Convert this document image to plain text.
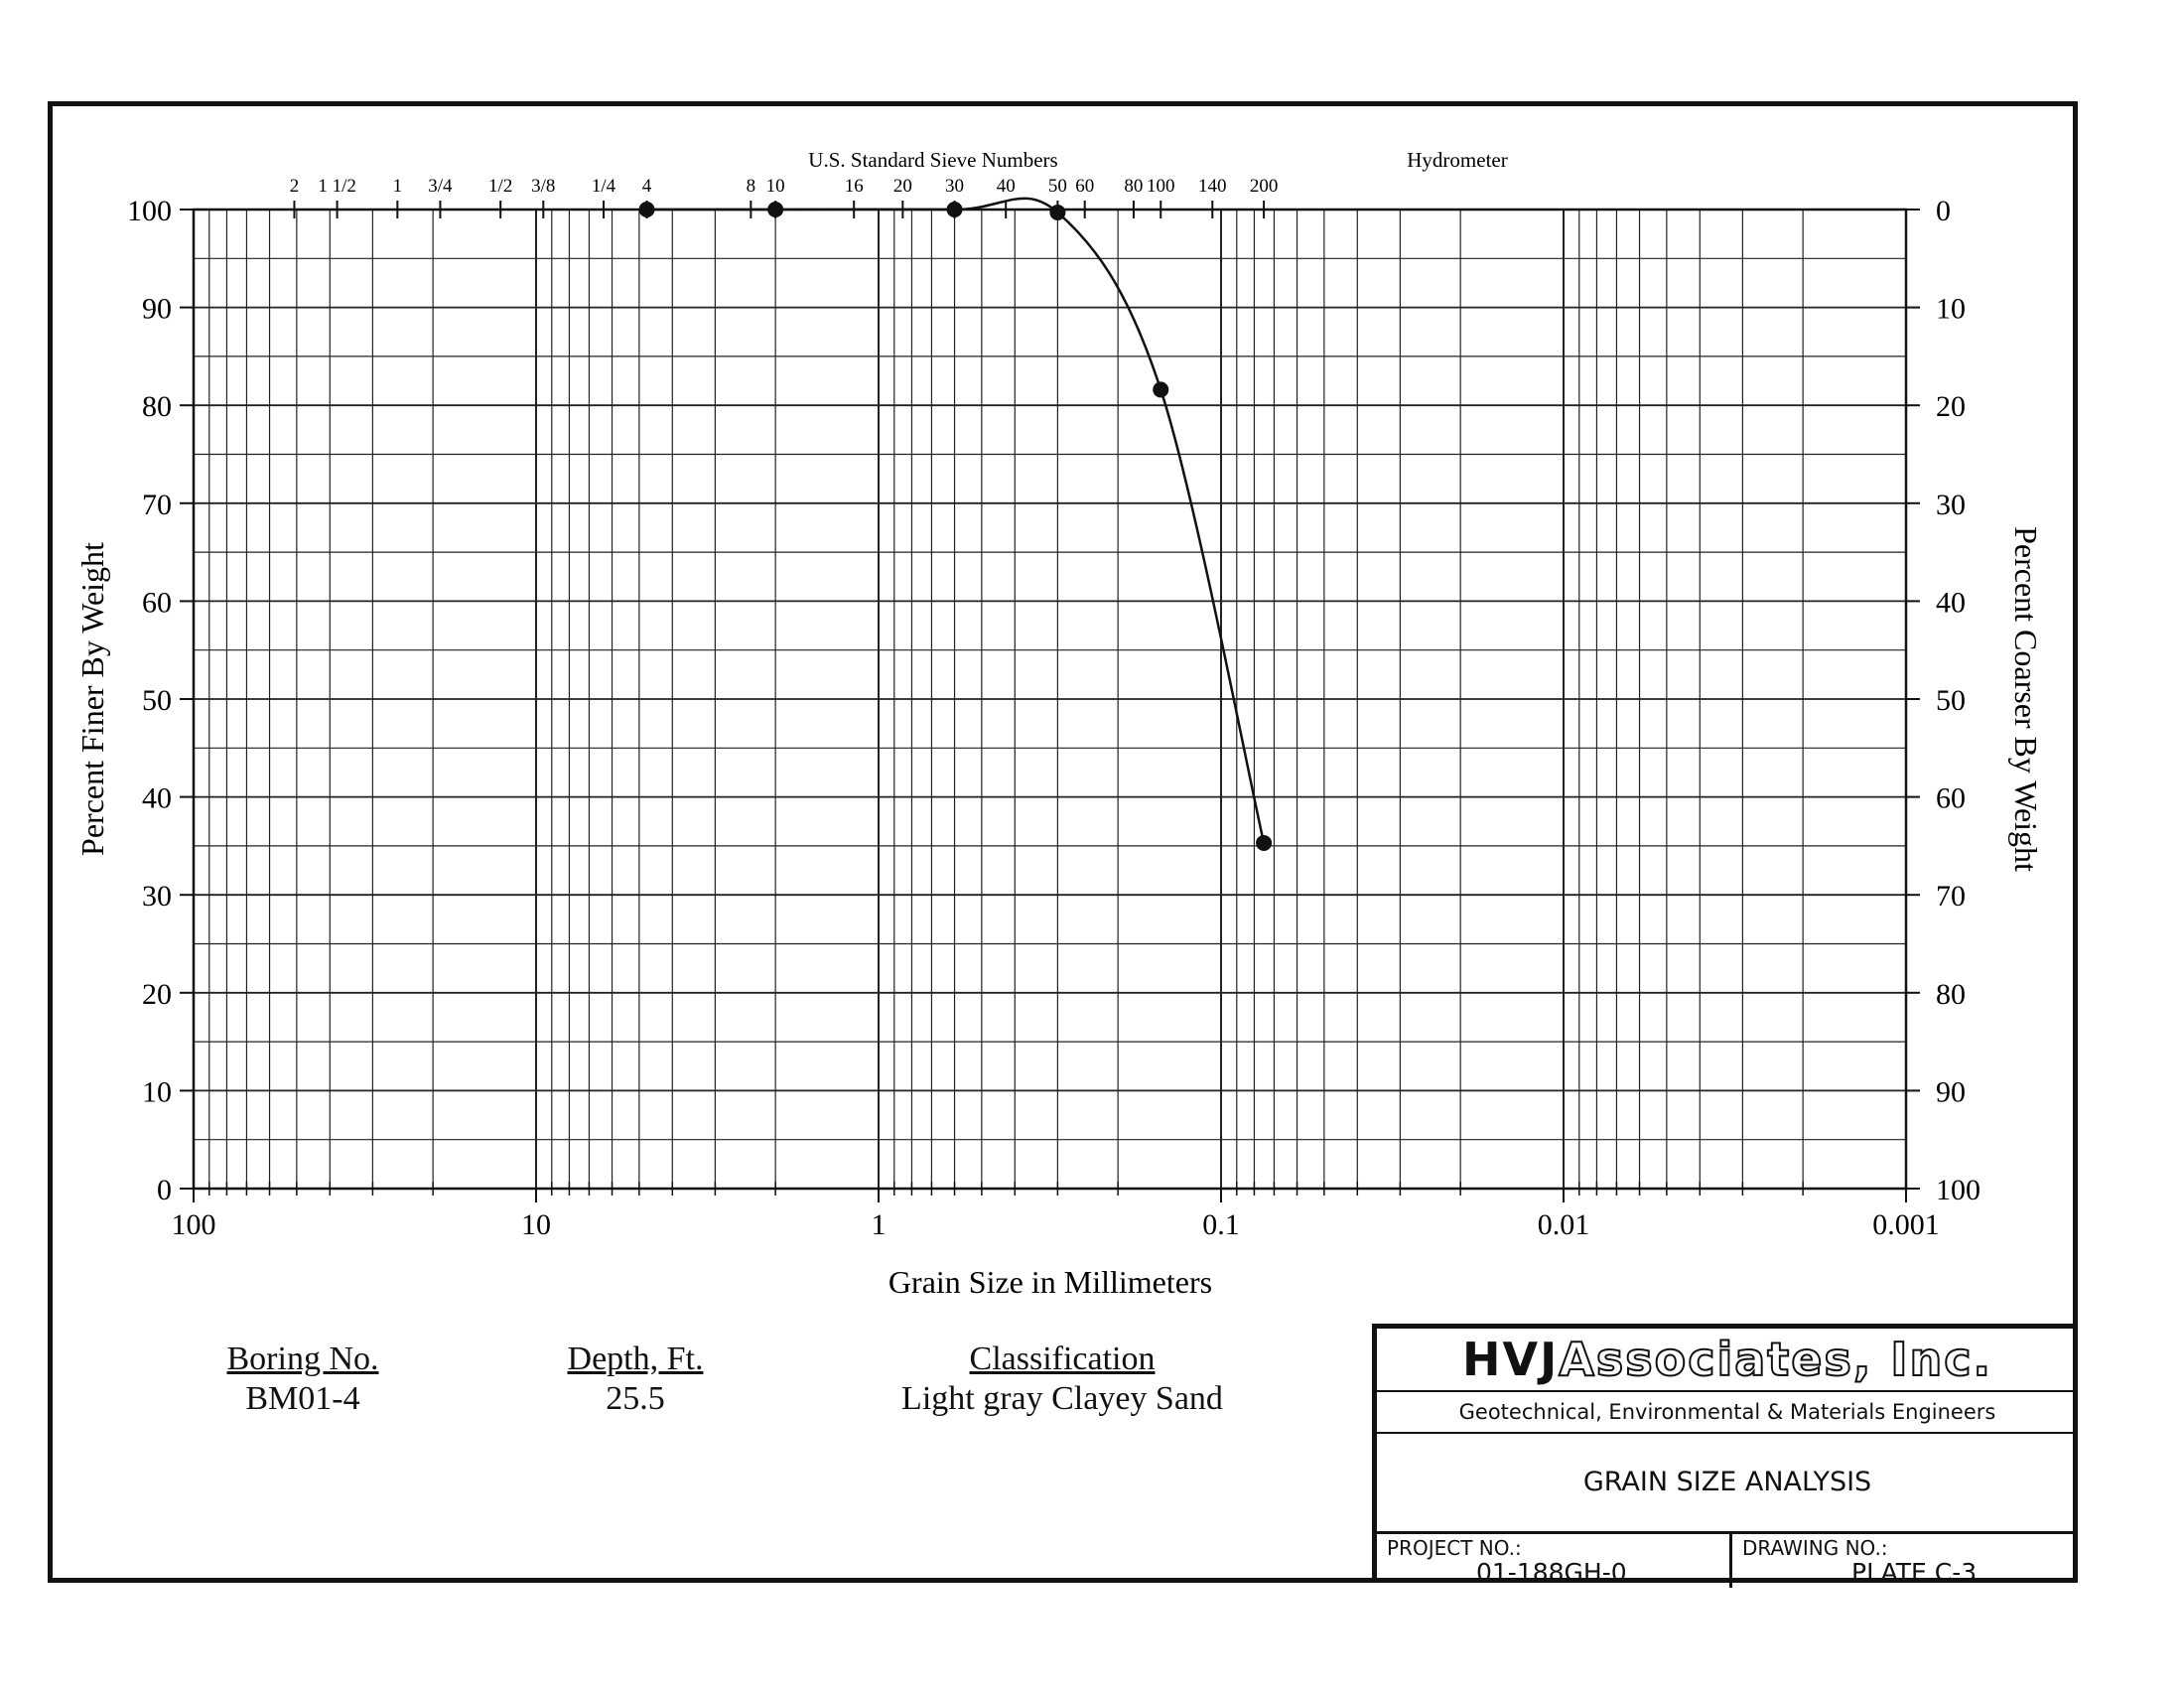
0	100
10	90
20	80
30	70
40	60
50	50
60	40
70	30
80	20
90	10
100	0
100	10	1	0.1	0.01	0.001
2 1 1/2 1 3/4 1/2 3/8 1/4 4	8 10	16 20 30 40 50 60 80 100 140 200
U.S. Standard Sieve Numbers	Hydrometer
Grain Size in Millimeters
Percent Finer By Weight	Percent Coarser By Weight
Boring No.
BM01-4
Depth, Ft.
25.5
Classification
Light gray Clayey Sand
HVJAssociates, Inc.
Geotechnical, Environmental & Materials Engineers
GRAIN SIZE ANALYSIS
PROJECT NO.:
01-188GH-0
DRAWING NO.:
PLATE C-3
